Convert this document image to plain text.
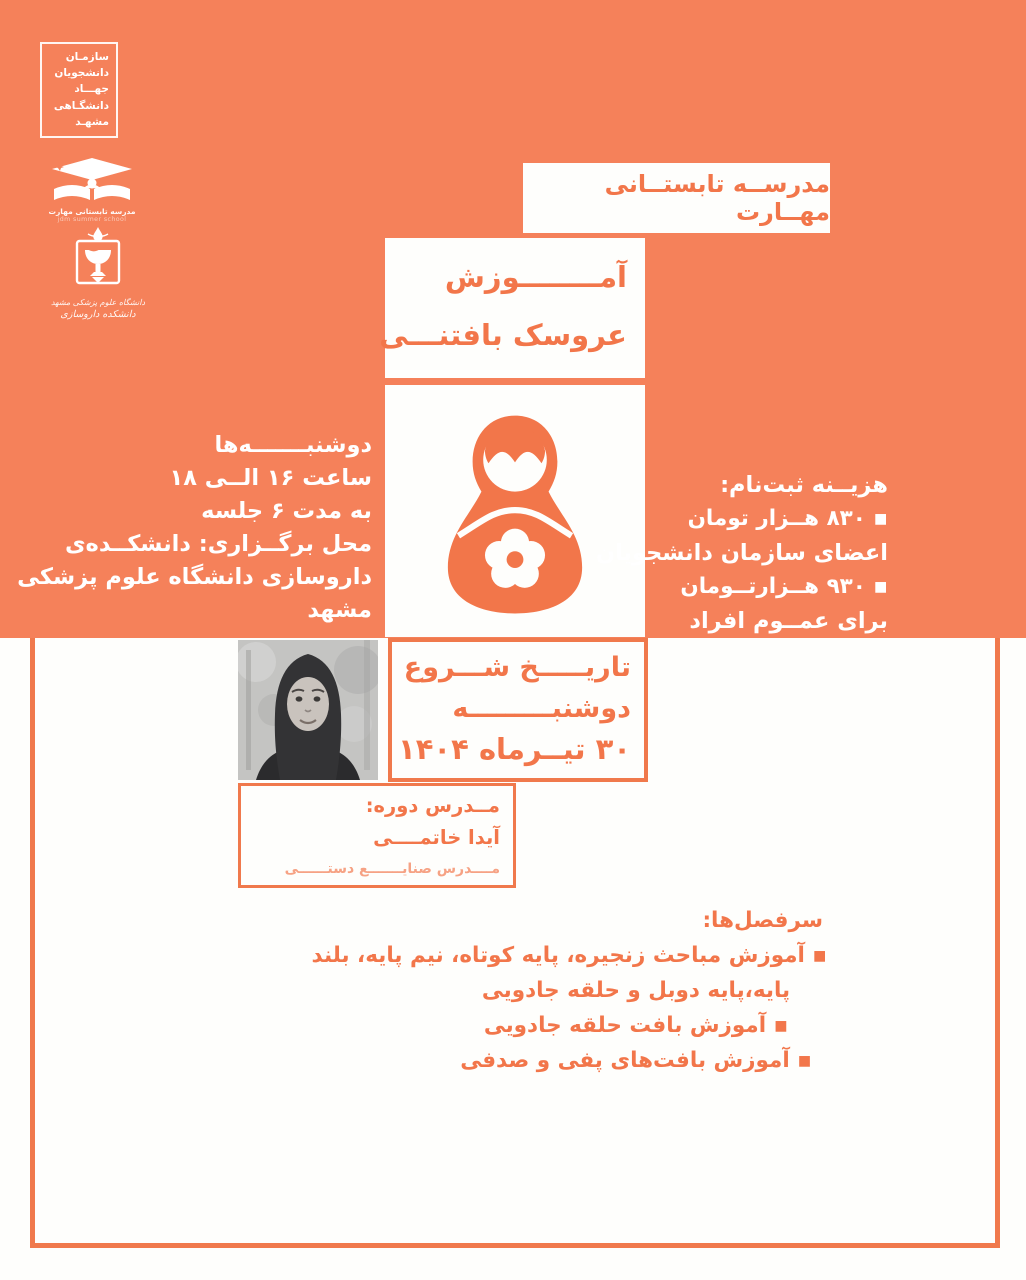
سازمـان
دانشجویان
جهـــاد
دانشگـاهی
مشهـد
مدرسه تابستانی مهارت
jdm summer school
دانشگاه علوم پزشکی مشهد
دانشکده داروسازی
مدرســه تابستــانی مهــارت
آمــــــــوزش
عروسک بافتنـــی
دوشنبـــــــه‌ها
ساعت ۱۶ الــی ۱۸
به مدت ۶ جلسه
محل برگــزاری: دانشکــده‌ی
داروسازی دانشگاه علوم پزشکی
مشهد
هزیــنه ثبت‌نام:
▪ ۸۳۰ هــزار تومان
اعضای سازمان دانشجویان
▪ ۹۳۰ هــزارتــومان
برای عمــوم افراد
تاریـــــخ شـــروع
دوشنبـــــــــه
۳۰ تیــرماه ۱۴۰۴
مــدرس دوره:
آیدا خاتمــــی
مــــدرس صنایـــــــع دستــــــی
سرفصل‌ها:
▪ آموزش مباحث زنجیره، پایه کوتاه، نیم پایه، بلند
پایه،پایه دوبل و حلقه جادویی
▪ آموزش بافت حلقه جادویی
▪ آموزش بافت‌های پفی و صدفی
